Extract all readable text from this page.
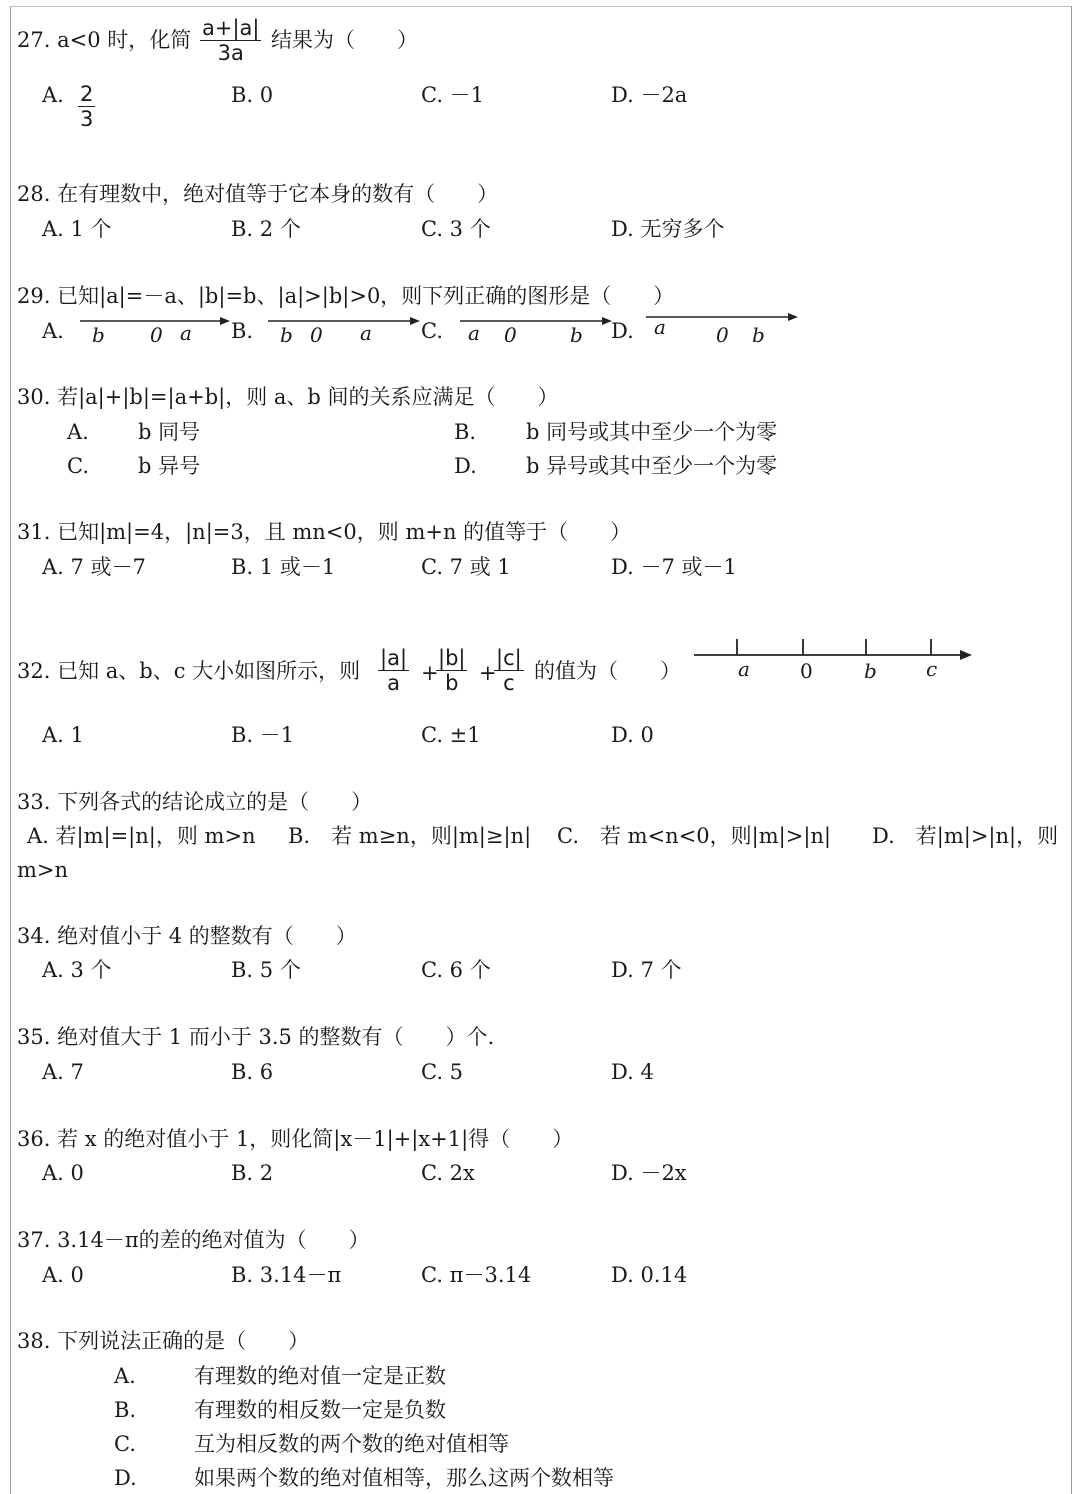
27. a<0 时，化简 $\frac{a+|a|}{3a}$ 结果为（　　）
A. $\frac{2}{3}$	B. 0	C. －1	D. －2a
28. 在有理数中，绝对值等于它本身的数有（　　）
A. 1 个	B. 2 个	C. 3 个	D. 无穷多个
29. 已知|a|=－a、|b|=b、|a|>|b|>0，则下列正确的图形是（　　）
A. b 0 a B. b 0 a C. a 0	b D. a	0 b
30. 若|a|+|b|=|a+b|，则 a、b 间的关系应满足（　　）
A. b 同号	B. b 同号或其中至少一个为零
C. b 异号	D. b 异号或其中至少一个为零
31. 已知|m|=4，|n|=3，且 mn<0，则 m+n 的值等于（　　）
A. 7 或－7	B. 1 或－1	C. 7 或 1	D. －7 或－1
32. 已知 a、b、c 大小如图所示，则 $\frac{|a|}{a}$ +
$\frac{|b|}{b}$ +
$\frac{|c|}{c}$ 的值为（　　）	a	0	b c
A. 1	B. －1	C. ±1	D. 0
33. 下列各式的结论成立的是（　　）
A. 若|m|=|n|，则 m>n B.　若 m≥n，则|m|≥|n| C.　若 m<n<0，则|m|>|n| D.　若|m|>|n|，则
m>n
34. 绝对值小于 4 的整数有（　　）
A. 3 个	B. 5 个	C. 6 个	D. 7 个
35. 绝对值大于 1 而小于 3.5 的整数有（　　）个.
A. 7	B. 6	C. 5	D. 4
36. 若 x 的绝对值小于 1，则化简|x－1|+|x+1|得（　　）
A. 0	B. 2	C. 2x	D. －2x
37. 3.14－π的差的绝对值为（　　）
A. 0	B. 3.14－π	C. π－3.14	D. 0.14
38. 下列说法正确的是（　　）
A.	有理数的绝对值一定是正数
B.	有理数的相反数一定是负数
C.	互为相反数的两个数的绝对值相等
D.	如果两个数的绝对值相等，那么这两个数相等
